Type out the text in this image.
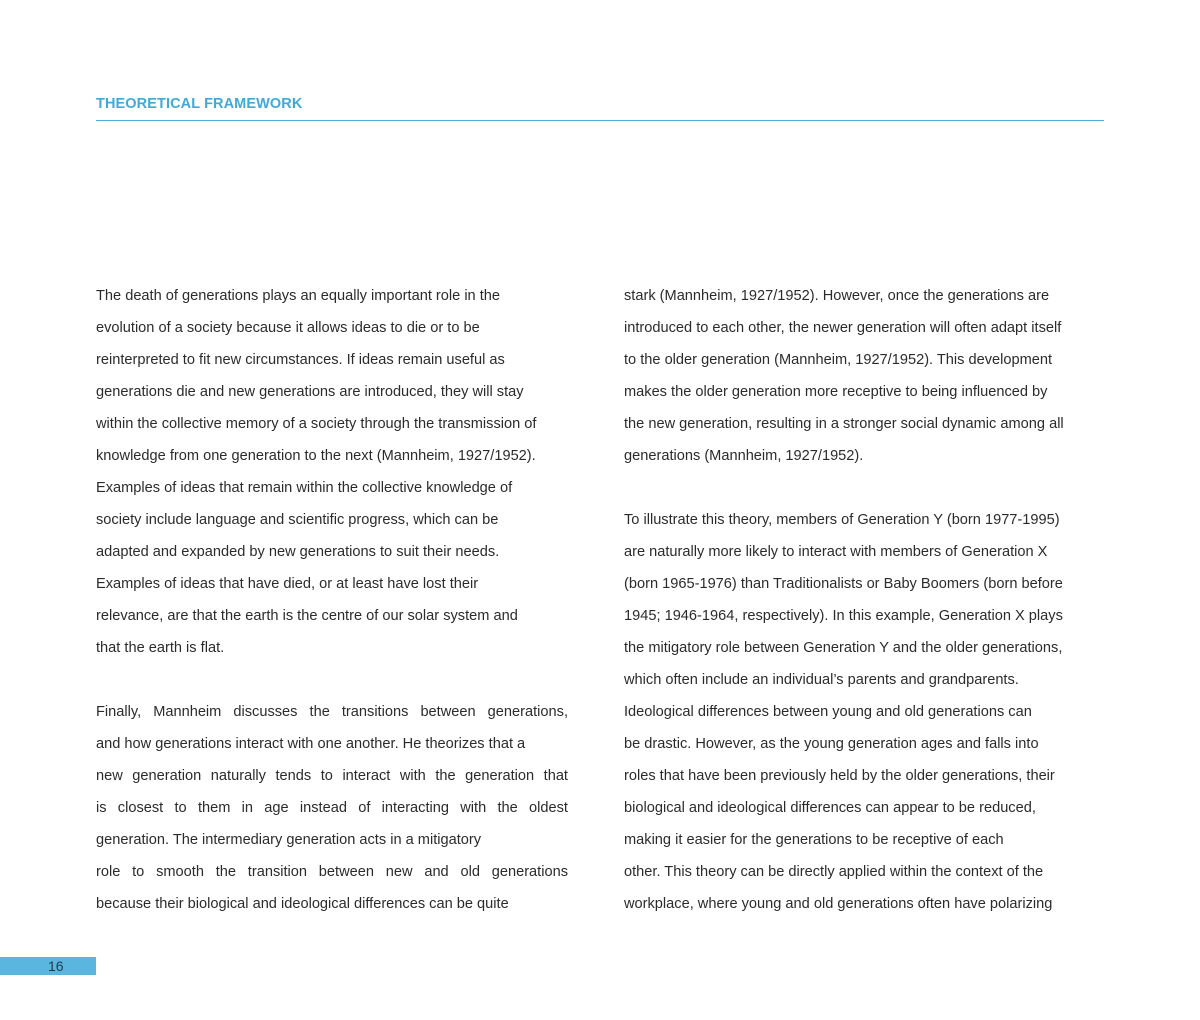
THEORETICAL FRAMEWORK
The death of generations plays an equally important role in the
evolution of a society because it allows ideas to die or to be
reinterpreted to fit new circumstances. If ideas remain useful as
generations die and new generations are introduced, they will stay
within the collective memory of a society through the transmission of
knowledge from one generation to the next (Mannheim, 1927/1952).
Examples of ideas that remain within the collective knowledge of
society include language and scientific progress, which can be
adapted and expanded by new generations to suit their needs.
Examples of ideas that have died, or at least have lost their
relevance, are that the earth is the centre of our solar system and
that the earth is flat.
Finally, Mannheim discusses the transitions between generations,
and how generations interact with one another. He theorizes that a
new generation naturally tends to interact with the generation that
is closest to them in age instead of interacting with the oldest
generation. The intermediary generation acts in a mitigatory
role to smooth the transition between new and old generations
because their biological and ideological differences can be quite
stark (Mannheim, 1927/1952). However, once the generations are
introduced to each other, the newer generation will often adapt itself
to the older generation (Mannheim, 1927/1952). This development
makes the older generation more receptive to being influenced by
the new generation, resulting in a stronger social dynamic among all
generations (Mannheim, 1927/1952).
To illustrate this theory, members of Generation Y (born 1977-1995)
are naturally more likely to interact with members of Generation X
(born 1965-1976) than Traditionalists or Baby Boomers (born before
1945; 1946-1964, respectively). In this example, Generation X plays
the mitigatory role between Generation Y and the older generations,
which often include an individual’s parents and grandparents.
Ideological differences between young and old generations can
be drastic. However, as the young generation ages and falls into
roles that have been previously held by the older generations, their
biological and ideological differences can appear to be reduced,
making it easier for the generations to be receptive of each
other. This theory can be directly applied within the context of the
workplace, where young and old generations often have polarizing
16
